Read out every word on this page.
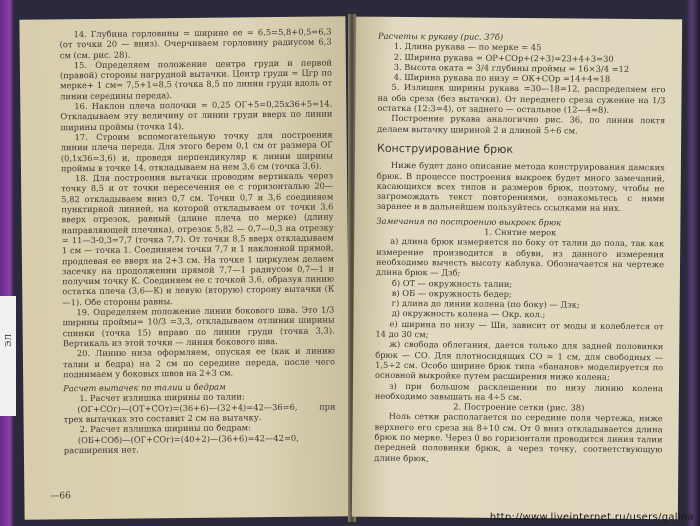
ЭЛ

14. Глубина горловины = ширине ее = 6,5=5,8+0,5=6,3 (от точки 20 — вниз). Очерчиваем горловину радиусом 6,3 см (см. рис. 28).

15. Определяем положение центра груди и первой (правой) стороны нагрудной вытачки. Центр груди = Цгр по мерке+ 1 см= 7,5+1=8,5 (точка 8,5 по линии груди вдоль от линии середины переда).

16. Наклон плеча полочки = 0,25 ОГ+5=0,25х36+5=14. Откладываем эту величину от линии груди вверх по линии ширины проймы (точка 14).

17. Строим вспомогательную точку для построения линии плеча переда. Для этого берем 0,1 см от размера ОГ (0,1х36=3,6) и, проведя перпендикуляр к линии ширины проймы в точке 14, откладываем на нем 3,6 см (точка 3,6).

18. Для построения вытачки проводим вертикаль через точку 8,5 и от точки пересечения ее с горизонталью 20—5,82 откладываем вниз 0,7 см. Точки 0,7 и 3,6 соединяем пунктирной линией, на которой откладываем от точки 3,6 вверх отрезок, равный (длине плеча по мерке) (длину направляющей плечика), отрезок 5,82 — 0,7—0,3 на отрезку = 11—3-0,3=7,7 (точка 7,7). От точки 8,5 вверх откладываем 1 см — точка 1. Соединяем точки 7,7 и 1 наклонной прямой, продлевая ее вверх на 2+3 см. На точке 1 циркулем делаем засечку на продолжении прямой 7,7—1 радиусом 0,7—1 и получим точку К. Соединяем ее с точкой 3,6, образуя линию остатка плеча (3,6—К) и левую (вторую) сторону вытачки (К—1). Обе стороны равны.

19. Определяем положение линии бокового шва. Это 1/3 ширины проймы= 10/3 =3,3, откладываем отлинии ширины спинки (точка 15) вправо по линии груди (точка 3,3). Вертикаль из этой точки — линия бокового шва.

20. Линию низа оформляем, опуская ее (как и линию талии и бедра) на 2 см по середине переда, после чего поднимаем у боковых швов на 2+3 см.

Расчет вытачек по талии и бедрам

1. Расчет излишка ширины по талии:

(ОГ+СОг)—(ОТ+СОт)=(36+6)—(32+4)=42—36=6, при трех вытачках это составит 2 см на вытачку.

2. Расчет излишка ширины по бедрам:

(ОБ+СОб)—(ОГ+СОг)=(40+2)—(36+6)=42—42=0, расширения нет.

—66

Расчеты к рукаву (рис. 37б)

1. Длина рукава — по мерке = 45

2. Ширина рукава = ОР+СОр+(2+3)=23+4+3=30

3. Высота оката = 3/4 глубины проймы = 16×3/4 =12

4. Ширина рукава по низу = ОК+СОр =14+4=18

5. Излишек ширины рукава =30—18=12, распределяем его на оба среза (без вытачки). От переднего среза сужение на 1/3 остатка (12:3=4), от заднего — остальное (12—4=8).

Построение рукава аналогично рис. 36, по линии локтя делаем вытачку шириной 2 и длиной 5÷6 см.

Конструирование брюк

Ниже будет дано описание метода конструирования дамских брюк. В процессе построения выкроек будет много замечаний, касающихся всех типов и размеров брюк, поэтому, чтобы не загромождать текст повторениями, ознакомьтесь с ними заранее и в дальнейшем пользуйтесь ссылками на них.

Замечания по построению выкроек брюк

1. Снятие мерок

а) длина брюк измеряется по боку от талии до пола, так как измерение производится в обуви, из данного измерения необходимо вычесть высоту каблука. Обозначается на чертеже длина брюк — Дзб;

б) ОТ — окружность талии;

в) ОБ — окружность бедер;

г) длина до линии колена (по боку) — Дзк;

д) окружность колена — Окр. кол.;

е) ширина по низу — Шн, зависит от моды и колеблется от 14 до 30 см;

ж) свобода облегания, дается только для задней половинки брюк — СО. Для плотносидящих СО = 1 см, для свободных — 1,5÷2 см. Особо ширине брюк типа «бананов» моделируется по основной выкройке путем расширения ниже колена;

з) при большом расклешении по низу линию колена необходимо завышать на 4÷5 см.

2. Построение сетки (рис. 38)

Ноль сетки располагается по середине поля чертежа, ниже верхнего его среза на 8÷10 см. От 0 вниз откладывается длина брюк по мерке. Через 0 во горизонтали проводится линия талии передней половинки брюк, а через точку, соответствующую длине брюк,

http://www.liveinternet.ru/users/galina
